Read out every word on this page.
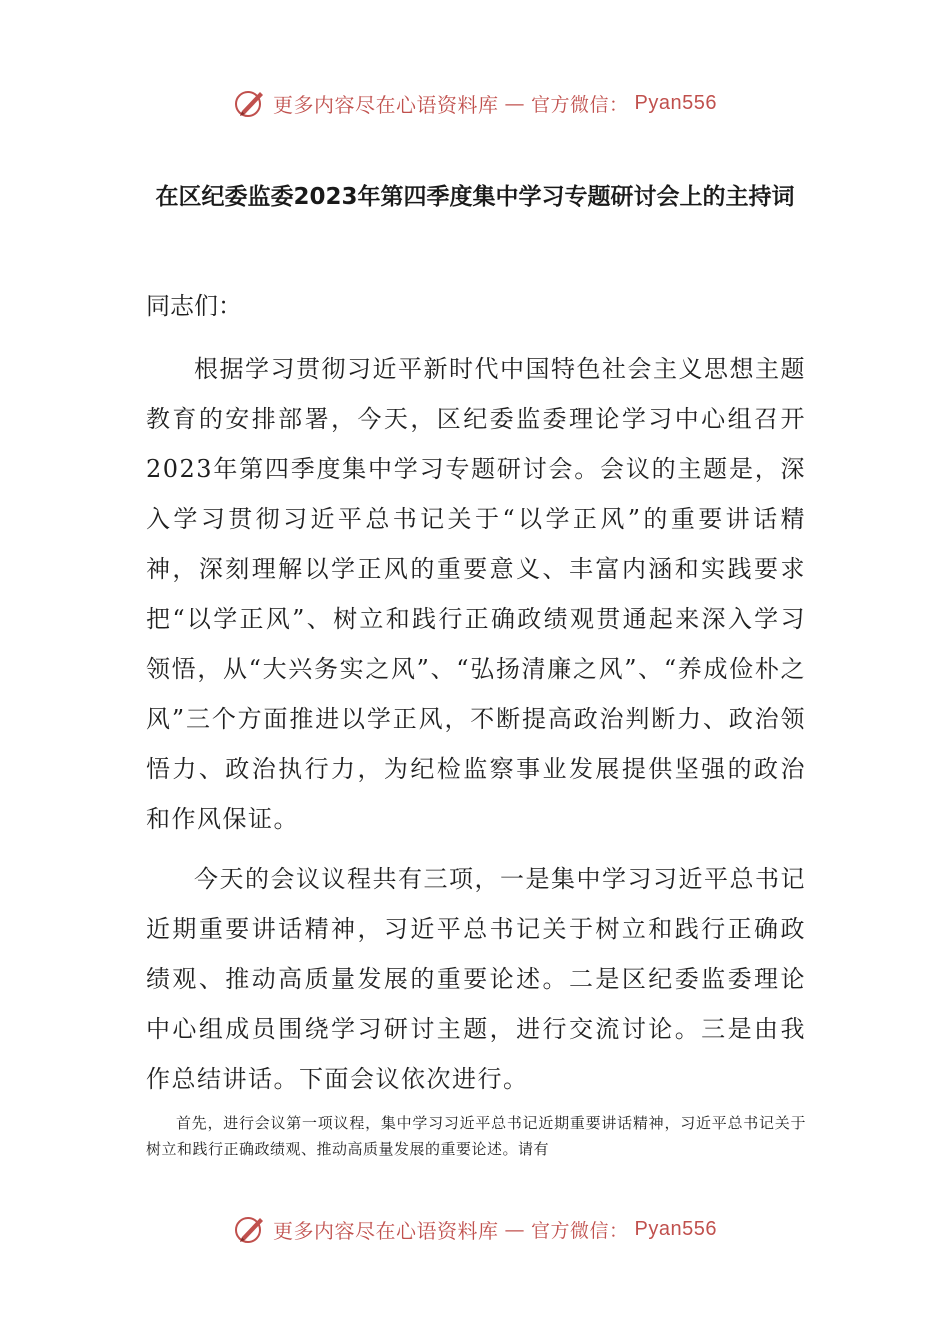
更多内容尽在心语资料库 — 官方微信： Pyan556
在区纪委监委2023年第四季度集中学习专题研讨会上的主持词
同志们：

根据学习贯彻习近平新时代中国特色社会主义思想主题教育的安排部署，今天，区纪委监委理论学习中心组召开2023年第四季度集中学习专题研讨会。会议的主题是，深入学习贯彻习近平总书记关于“以学正风”的重要讲话精神，深刻理解以学正风的重要意义、丰富内涵和实践要求把“以学正风”、树立和践行正确政绩观贯通起来深入学习领悟，从“大兴务实之风”、“弘扬清廉之风”、“养成俭朴之风”三个方面推进以学正风，不断提高政治判断力、政治领悟力、政治执行力，为纪检监察事业发展提供坚强的政治和作风保证。

今天的会议议程共有三项，一是集中学习习近平总书记近期重要讲话精神，习近平总书记关于树立和践行正确政绩观、推动高质量发展的重要论述。二是区纪委监委理论中心组成员围绕学习研讨主题，进行交流讨论。三是由我作总结讲话。下面会议依次进行。

首先，进行会议第一项议程，集中学习习近平总书记近期重要讲话精神，习近平总书记关于树立和践行正确政绩观、推动高质量发展的重要论述。请有

更多内容尽在心语资料库 — 官方微信： Pyan556
